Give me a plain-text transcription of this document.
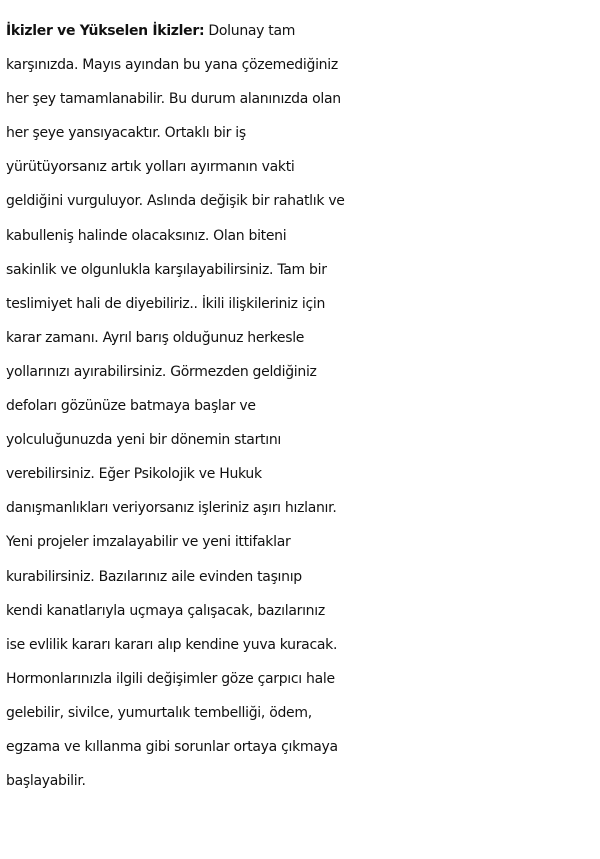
İkizler ve Yükselen İkizler: Dolunay tam
karşınızda. Mayıs ayından bu yana çözemediğiniz
her şey tamamlanabilir. Bu durum alanınızda olan
her şeye yansıyacaktır. Ortaklı bir iş
yürütüyorsanız artık yolları ayırmanın vakti
geldiğini vurguluyor. Aslında değişik bir rahatlık ve
kabulleniş halinde olacaksınız. Olan biteni
sakinlik ve olgunlukla karşılayabilirsiniz. Tam bir
teslimiyet hali de diyebiliriz.. İkili ilişkileriniz için
karar zamanı. Ayrıl barış olduğunuz herkesle
yollarınızı ayırabilirsiniz. Görmezden geldiğiniz
defoları gözünüze batmaya başlar ve
yolculuğunuzda yeni bir dönemin startını
verebilirsiniz. Eğer Psikolojik ve Hukuk
danışmanlıkları veriyorsanız işleriniz aşırı hızlanır.
Yeni projeler imzalayabilir ve yeni ittifaklar
kurabilirsiniz. Bazılarınız aile evinden taşınıp
kendi kanatlarıyla uçmaya çalışacak, bazılarınız
ise evlilik kararı kararı alıp kendine yuva kuracak.
Hormonlarınızla ilgili değişimler göze çarpıcı hale
gelebilir, sivilce, yumurtalık tembelliği, ödem,
egzama ve kıllanma gibi sorunlar ortaya çıkmaya
başlayabilir.
